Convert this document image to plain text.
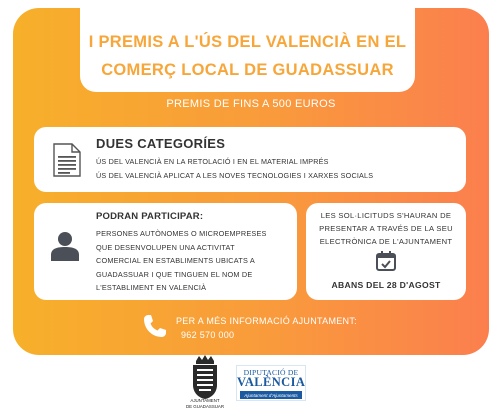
I PREMIS A L'ÚS DEL VALENCIÀ EN EL
COMERÇ LOCAL DE GUADASSUAR
PREMIS DE FINS A 500 EUROS
DUES CATEGORÍES
ÚS DEL VALENCIÀ EN LA RETOLACIÓ I EN EL MATERIAL IMPRÉS
ÚS DEL VALENCIÀ APLICAT A LES NOVES TECNOLOGIES I XARXES SOCIALS
PODRAN PARTICIPAR:
PERSONES AUTÒNOMES O MICROEMPRESES
QUE DESENVOLUPEN UNA ACTIVITAT
COMERCIAL EN ESTABLIMENTS UBICATS A
GUADASSUAR I QUE TINGUEN EL NOM DE
L'ESTABLIMENT EN VALENCIÀ
LES SOL·LICITUDS S'HAURAN DE
PRESENTAR A TRAVÉS DE LA SEU
ELECTRÒNICA DE L'AJUNTAMENT
ABANS DEL 28 D'AGOST
PER A MÉS INFORMACIÓ AJUNTAMENT:
962 570 000
AJUNTAMENT
DE GUADASSUAR
DIPUTACIÓ DE
VALÈNCIA
Ajuntament d'Ajuntaments
